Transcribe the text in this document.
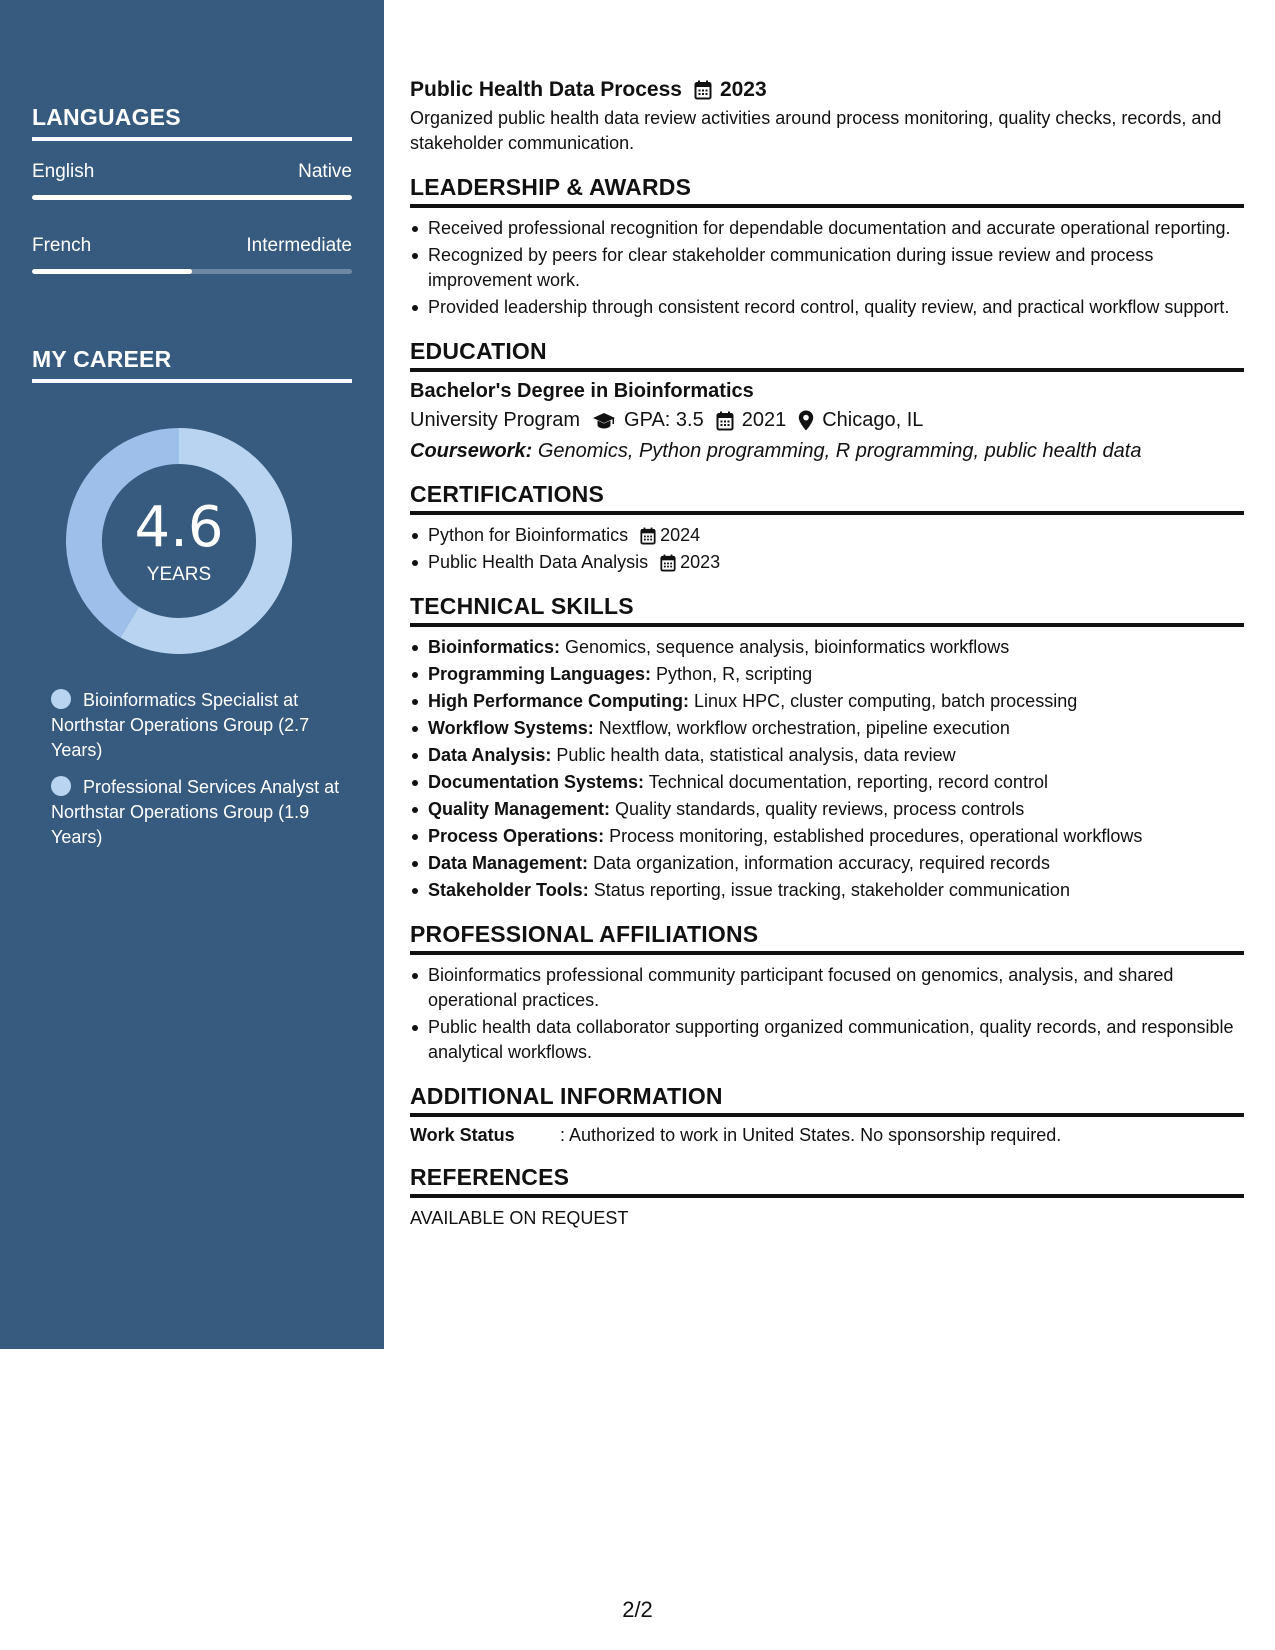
LANGUAGES
English	Native
French	Intermediate
MY CAREER
4.6
YEARS
Bioinformatics Specialist at Northstar Operations Group (2.7 Years)
Professional Services Analyst at Northstar Operations Group (1.9 Years)
Public Health Data Process 2023

Organized public health data review activities around process monitoring, quality checks, records, and stakeholder communication.

LEADERSHIP & AWARDS
Received professional recognition for dependable documentation and accurate operational reporting.
Recognized by peers for clear stakeholder communication during issue review and process improvement work.
Provided leadership through consistent record control, quality review, and practical workflow support.
EDUCATION
Bachelor's Degree in Bioinformatics
University Program GPA: 3.5 2021 Chicago, IL
Coursework: Genomics, Python programming, R programming, public health data
CERTIFICATIONS
Python for Bioinformatics 2024
Public Health Data Analysis 2023
TECHNICAL SKILLS
Bioinformatics: Genomics, sequence analysis, bioinformatics workflows
Programming Languages: Python, R, scripting
High Performance Computing: Linux HPC, cluster computing, batch processing
Workflow Systems: Nextflow, workflow orchestration, pipeline execution
Data Analysis: Public health data, statistical analysis, data review
Documentation Systems: Technical documentation, reporting, record control
Quality Management: Quality standards, quality reviews, process controls
Process Operations: Process monitoring, established procedures, operational workflows
Data Management: Data organization, information accuracy, required records
Stakeholder Tools: Status reporting, issue tracking, stakeholder communication
PROFESSIONAL AFFILIATIONS
Bioinformatics professional community participant focused on genomics, analysis, and shared operational practices.
Public health data collaborator supporting organized communication, quality records, and responsible analytical workflows.
ADDITIONAL INFORMATION
Work Status	: Authorized to work in United States. No sponsorship required.
REFERENCES
AVAILABLE ON REQUEST
2/2
